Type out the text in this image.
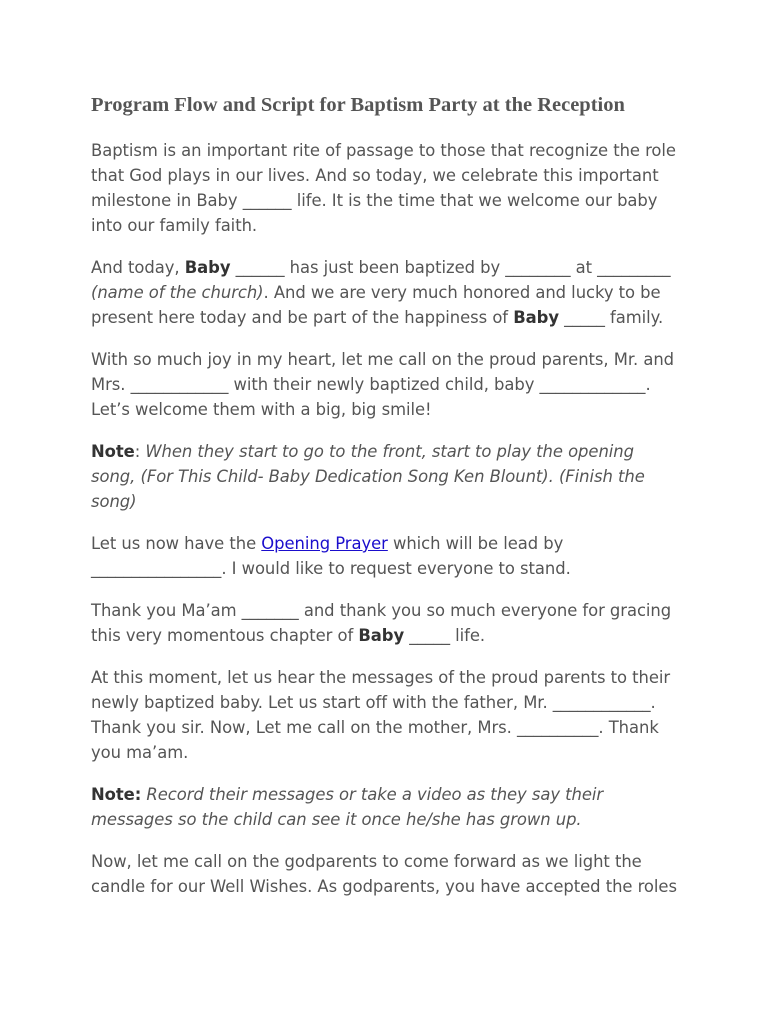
Program Flow and Script for Baptism Party at the Reception

Baptism is an important rite of passage to those that recognize the role that God plays in our lives. And so today, we celebrate this important milestone in Baby ______ life. It is the time that we welcome our baby into our family faith.

And today, Baby ______ has just been baptized by ________ at _________ (name of the church). And we are very much honored and lucky to be present here today and be part of the happiness of Baby _____ family.

With so much joy in my heart, let me call on the proud parents, Mr. and Mrs. ____________ with their newly baptized child, baby _____________. Let’s welcome them with a big, big smile!

Note: When they start to go to the front, start to play the opening song, (For This Child- Baby Dedication Song Ken Blount). (Finish the song)

Let us now have the Opening Prayer which will be lead by ________________. I would like to request everyone to stand.

Thank you Ma’am _______ and thank you so much everyone for gracing this very momentous chapter of Baby _____ life.

At this moment, let us hear the messages of the proud parents to their newly baptized baby. Let us start off with the father, Mr. ____________. Thank you sir. Now, Let me call on the mother, Mrs. __________. Thank you ma’am.

Note: Record their messages or take a video as they say their messages so the child can see it once he/she has grown up.

Now, let me call on the godparents to come forward as we light the candle for our Well Wishes. As godparents, you have accepted the roles
